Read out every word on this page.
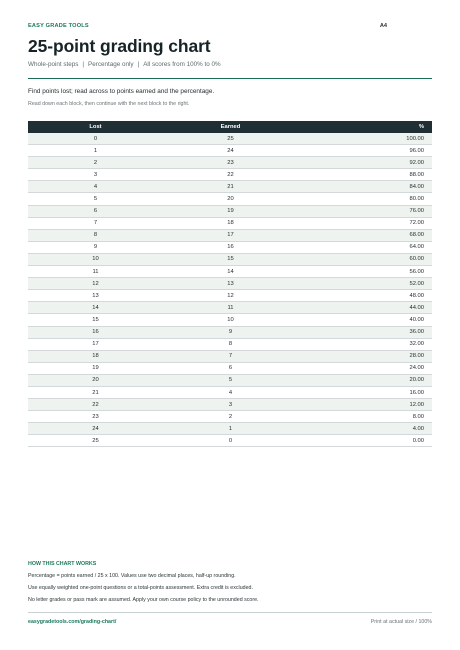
EASY GRADE TOOLS	A4
25-point grading chart
Whole-point steps | Percentage only | All scores from 100% to 0%

Find points lost; read across to points earned and the percentage.

Read down each block, then continue with the next block to the right.

Lost	Earned	%
0	25	100.00
1	24	96.00
2	23	92.00
3	22	88.00
4	21	84.00
5	20	80.00
6	19	76.00
7	18	72.00
8	17	68.00
9	16	64.00
10	15	60.00
11	14	56.00
12	13	52.00
13	12	48.00
14	11	44.00
15	10	40.00
16	9	36.00
17	8	32.00
18	7	28.00
19	6	24.00
20	5	20.00
21	4	16.00
22	3	12.00
23	2	8.00
24	1	4.00
25	0	0.00
HOW THIS CHART WORKS

Percentage = points earned / 25 x 100. Values use two decimal places, half-up rounding.

Use equally weighted one-point questions or a total-points assessment. Extra credit is excluded.

No letter grades or pass mark are assumed. Apply your own course policy to the unrounded score.

easygradetools.com/grading-chart/	Print at actual size / 100%
